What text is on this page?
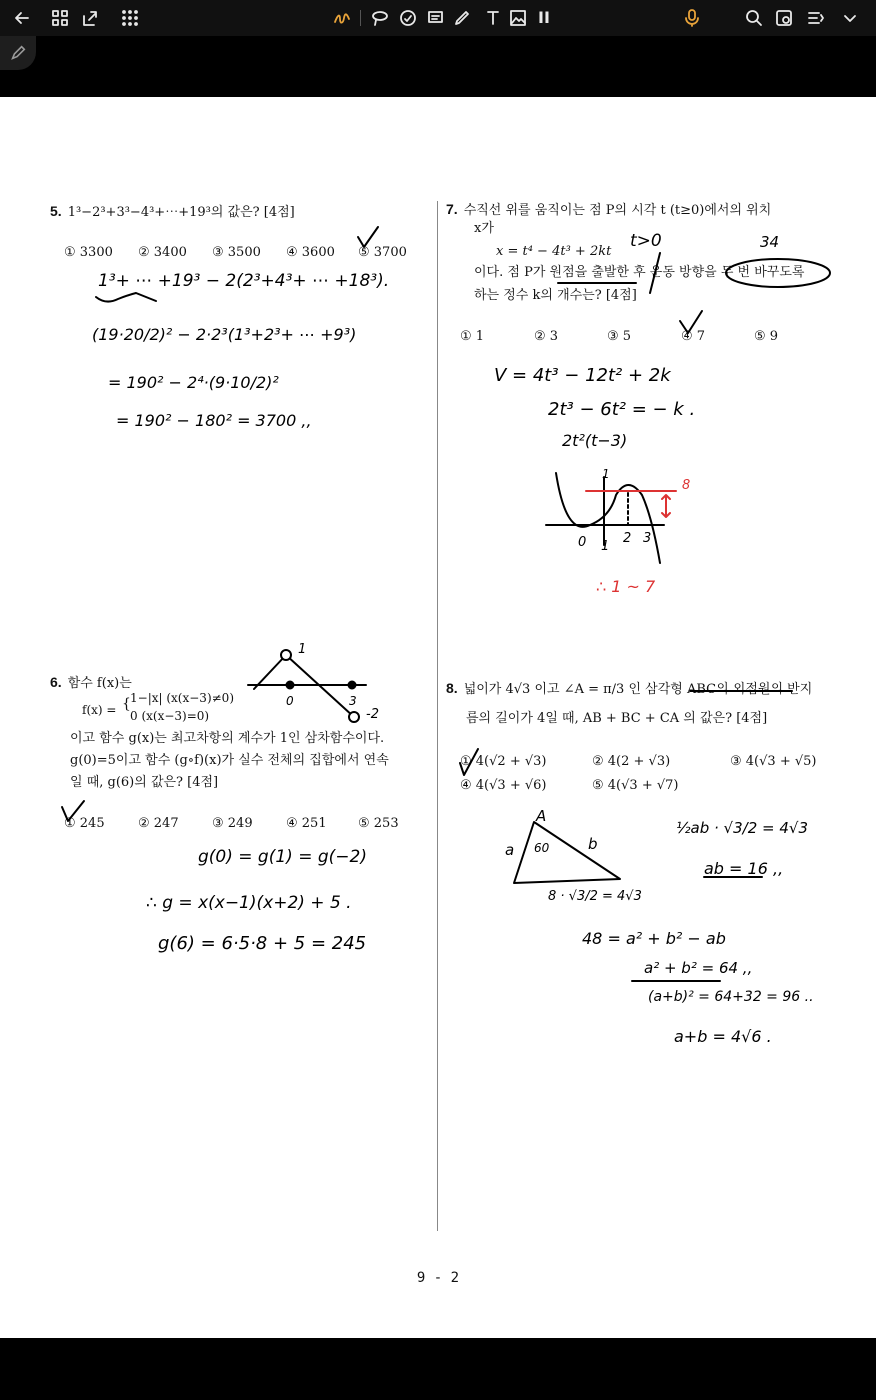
II
5. 1³−2³+3³−4³+⋯+19³의 값은? [4점]
① 3300 ② 3400 ③ 3500 ④ 3600 ⑤ 3700
1³+ ⋯ +19³ − 2(2³+4³+ ⋯ +18³).
(19·20/2)² − 2·2³(1³+2³+ ⋯ +9³)
= 190² − 2⁴·(9·10/2)²
= 190² − 180² = 3700 ,,
6. 함수 f(x)는
f(x) = { 1−|x| (x(x−3)≠0)
0 (x(x−3)=0)
이고 함수 g(x)는 최고차항의 계수가 1인 삼차함수이다.
g(0)=5이고 함수 (g∘f)(x)가 실수 전체의 집합에서 연속
일 때, g(6)의 값은? [4점]
① 245	② 247	③ 249	④ 251 ⑤ 253
1
0	3
-2
g(0) = g(1) = g(−2)
∴ g = x(x−1)(x+2) + 5 .
g(6) = 6·5·8 + 5 = 245
7. 수직선 위를 움직이는 점 P의 시각 t (t≥0)에서의 위치
x가
x = t⁴ − 4t³ + 2kt
이다. 점 P가 원점을 출발한 후 운동 방향을 두 번 바꾸도록
하는 정수 k의 개수는? [4점]
① 1	② 3	③ 5	④ 7	⑤ 9
t>0	34
V = 4t³ − 12t² + 2k
2t³ − 6t² = − k .
2t²(t−3)
1
0 1
2 3
8
∴ 1 ~ 7
8. 넓이가 4√3 이고 ∠A = π/3 인 삼각형 ABC의 외접원의 반지
름의 길이가 4일 때, AB + BC + CA 의 값은? [4점]
① 4(√2 + √3)	② 4(2 + √3)	③ 4(√3 + √5)
④ 4(√3 + √6)	⑤ 4(√3 + √7)
A
a	b
60
8 · √3/2 = 4√3
½ab · √3/2 = 4√3
ab = 16 ,,
48 = a² + b² − ab
a² + b² = 64 ,,
(a+b)² = 64+32 = 96 ..
a+b = 4√6 .
9 - 2
